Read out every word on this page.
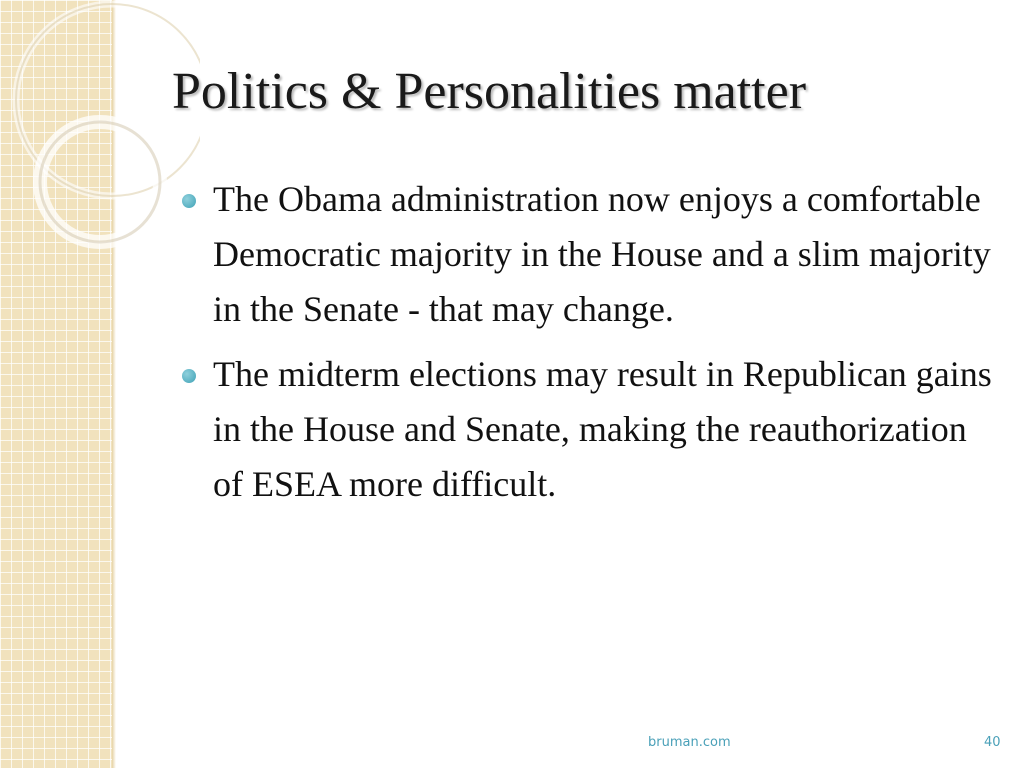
Politics & Personalities matter
The Obama administration now enjoys a comfortable Democratic majority in the House and a slim majority in the Senate - that may change.
The midterm elections may result in Republican gains in the House and Senate, making the reauthorization of ESEA more difficult.
bruman.com	40
